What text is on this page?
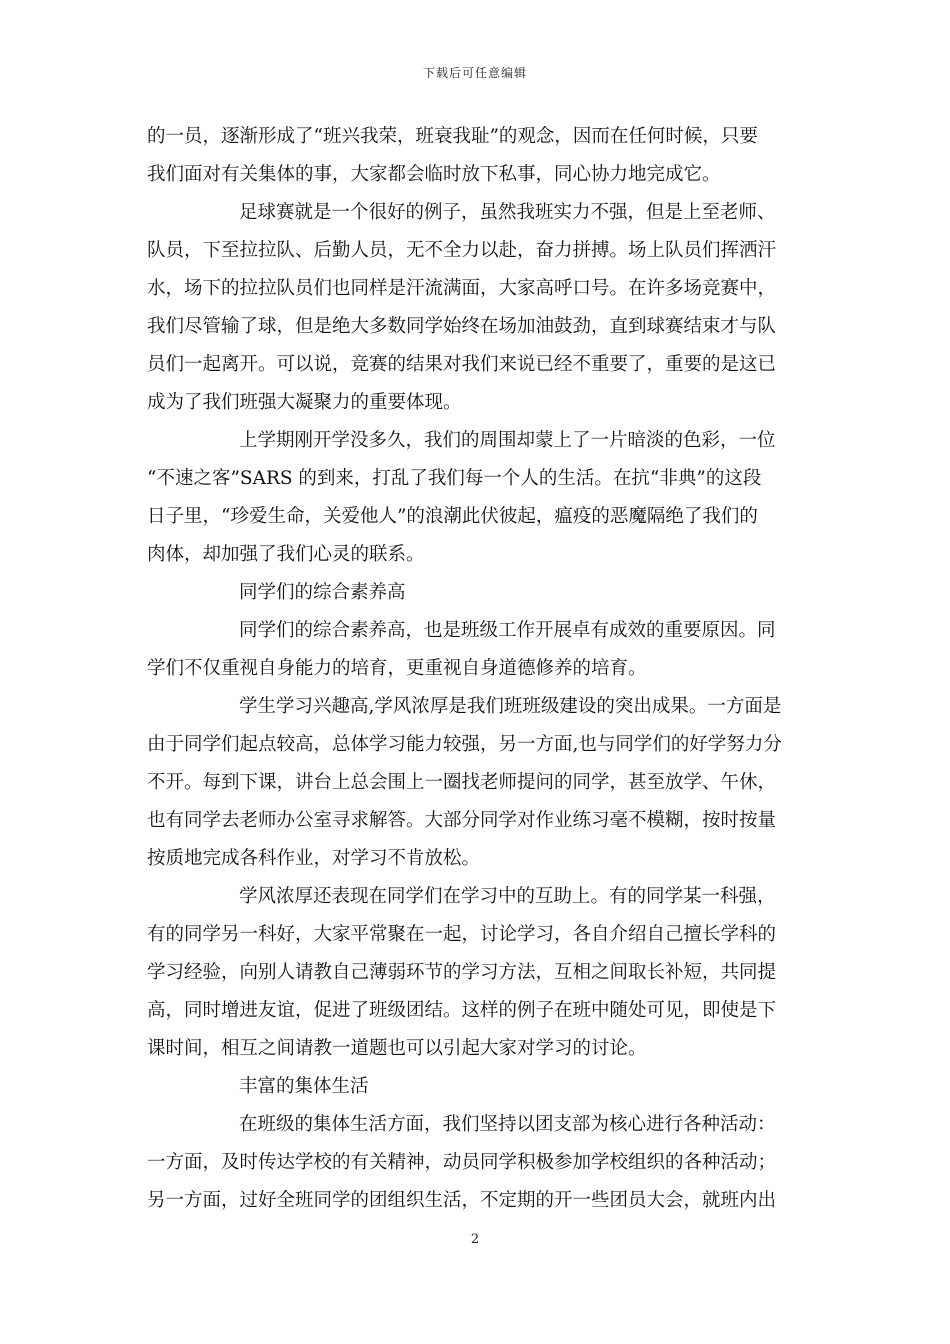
下载后可任意编辑
的一员，逐渐形成了“班兴我荣，班衰我耻”的观念，因而在任何时候，只要
我们面对有关集体的事，大家都会临时放下私事，同心协力地完成它。
足球赛就是一个很好的例子，虽然我班实力不强，但是上至老师、
队员，下至拉拉队、后勤人员，无不全力以赴，奋力拼搏。场上队员们挥洒汗
水，场下的拉拉队员们也同样是汗流满面，大家高呼口号。在许多场竞赛中，
我们尽管输了球，但是绝大多数同学始终在场加油鼓劲，直到球赛结束才与队
员们一起离开。可以说，竞赛的结果对我们来说已经不重要了，重要的是这已
成为了我们班强大凝聚力的重要体现。
上学期刚开学没多久，我们的周围却蒙上了一片暗淡的色彩，一位
“不速之客”SARS 的到来，打乱了我们每一个人的生活。在抗“非典”的这段
日子里，“珍爱生命，关爱他人”的浪潮此伏彼起，瘟疫的恶魔隔绝了我们的
肉体，却加强了我们心灵的联系。
同学们的综合素养高
同学们的综合素养高，也是班级工作开展卓有成效的重要原因。同
学们不仅重视自身能力的培育，更重视自身道德修养的培育。
学生学习兴趣高,学风浓厚是我们班班级建设的突出成果。一方面是
由于同学们起点较高，总体学习能力较强，另一方面,也与同学们的好学努力分
不开。每到下课，讲台上总会围上一圈找老师提问的同学，甚至放学、午休，
也有同学去老师办公室寻求解答。大部分同学对作业练习毫不模糊，按时按量
按质地完成各科作业，对学习不肯放松。
学风浓厚还表现在同学们在学习中的互助上。有的同学某一科强，
有的同学另一科好，大家平常聚在一起，讨论学习，各自介绍自己擅长学科的
学习经验，向别人请教自己薄弱环节的学习方法，互相之间取长补短，共同提
高，同时增进友谊，促进了班级团结。这样的例子在班中随处可见，即使是下
课时间，相互之间请教一道题也可以引起大家对学习的讨论。
丰富的集体生活
在班级的集体生活方面，我们坚持以团支部为核心进行各种活动：
一方面，及时传达学校的有关精神，动员同学积极参加学校组织的各种活动；
另一方面，过好全班同学的团组织生活，不定期的开一些团员大会，就班内出
2
